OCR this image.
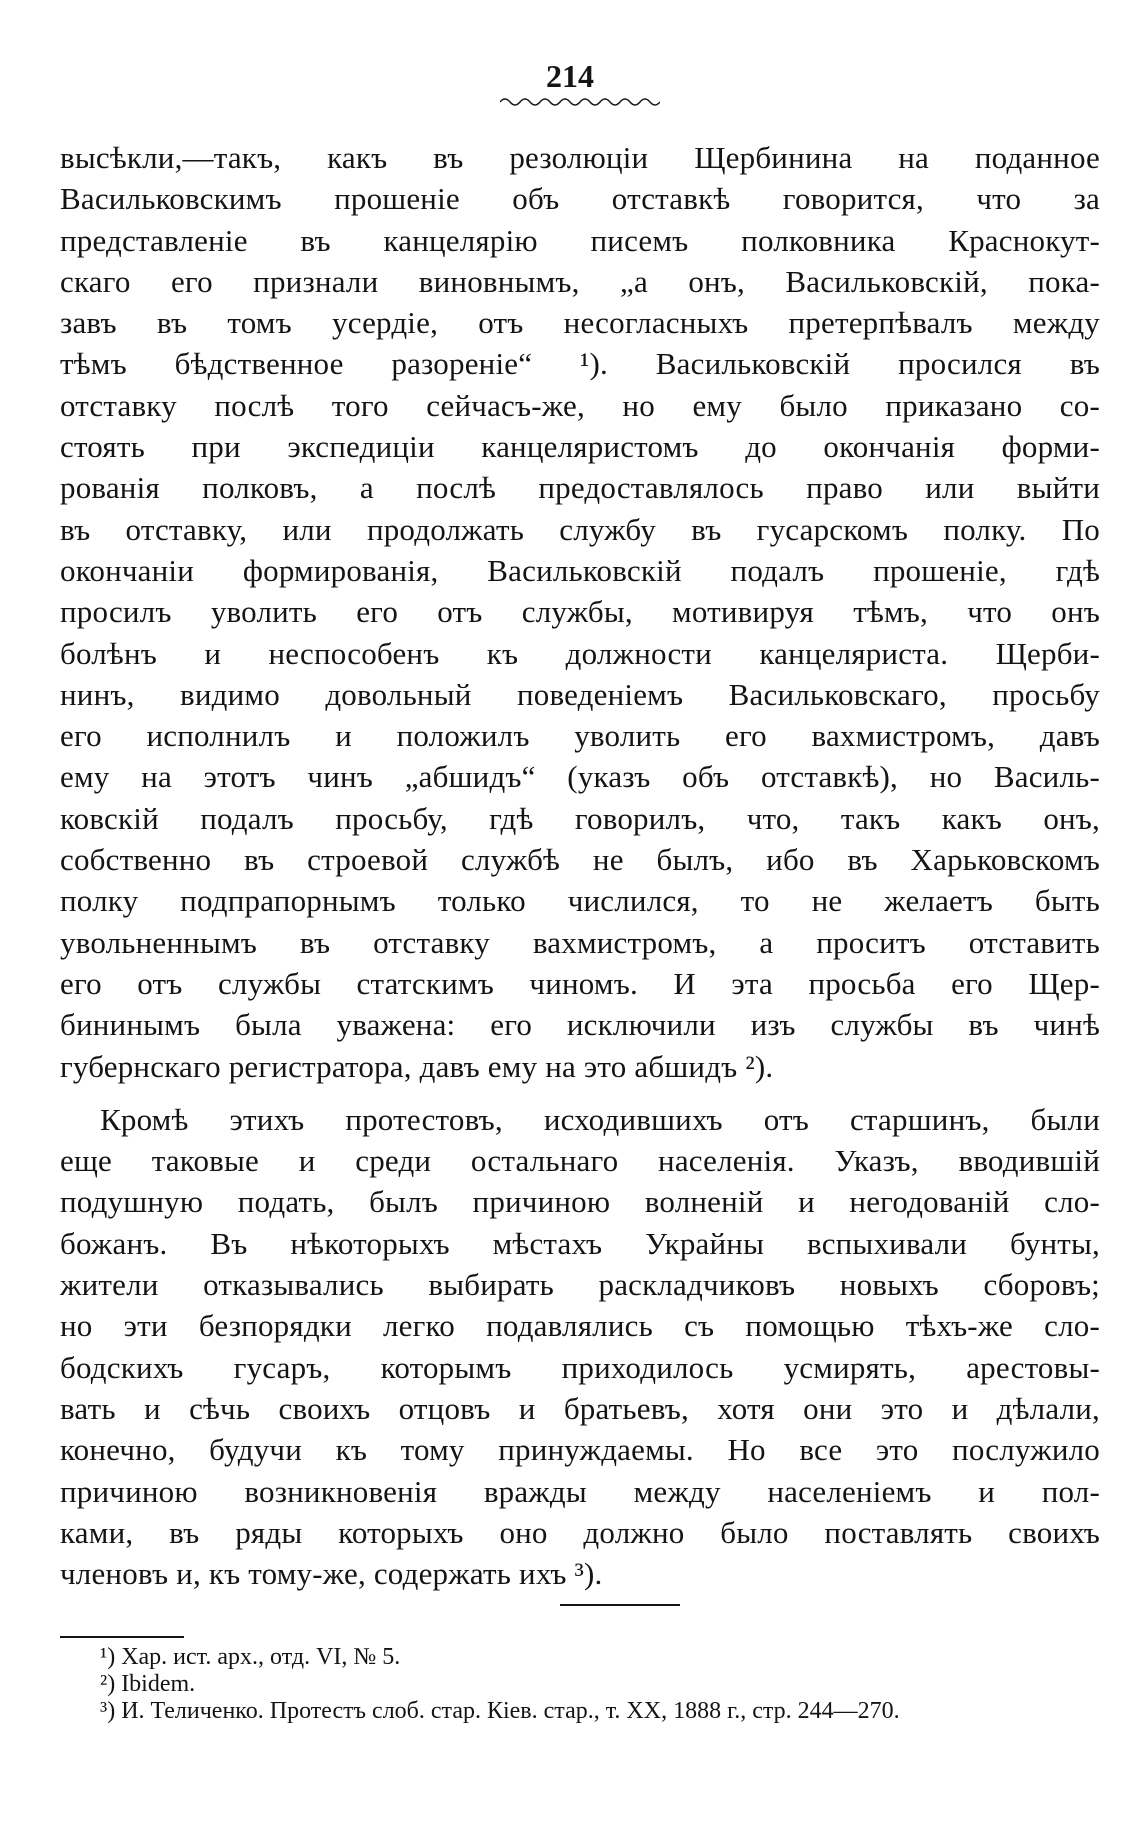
214
высѣкли,—такъ, какъ въ резолюціи Щербинина на поданное
Васильковскимъ прошеніе объ отставкѣ говорится, что за
представленіе въ канцелярію писемъ полковника Краснокут-
скаго его признали виновнымъ, „а онъ, Васильковскій, пока-
завъ въ томъ усердіе, отъ несогласныхъ претерпѣвалъ между
тѣмъ бѣдственное разореніе“ ¹). Васильковскій просился въ
отставку послѣ того сейчасъ-же, но ему было приказано со-
стоять при экспедиціи канцеляристомъ до окончанія форми-
рованія полковъ, а послѣ предоставлялось право или выйти
въ отставку, или продолжать службу въ гусарскомъ полку. По
окончаніи формированія, Васильковскій подалъ прошеніе, гдѣ
просилъ уволить его отъ службы, мотивируя тѣмъ, что онъ
болѣнъ и неспособенъ къ должности канцеляриста. Щерби-
нинъ, видимо довольный поведеніемъ Васильковскаго, просьбу
его исполнилъ и положилъ уволить его вахмистромъ, давъ
ему на этотъ чинъ „абшидъ“ (указъ объ отставкѣ), но Василь-
ковскій подалъ просьбу, гдѣ говорилъ, что, такъ какъ онъ,
собственно въ строевой службѣ не былъ, ибо въ Харьковскомъ
полку подпрапорнымъ только числился, то не желаетъ быть
увольненнымъ въ отставку вахмистромъ, а проситъ отставить
его отъ службы статскимъ чиномъ. И эта просьба его Щер-
бининымъ была уважена: его исключили изъ службы въ чинѣ
губернскаго регистратора, давъ ему на это абшидъ ²).
Кромѣ этихъ протестовъ, исходившихъ отъ старшинъ, были
еще таковые и среди остальнаго населенія. Указъ, вводившій
подушную подать, былъ причиною волненій и негодованій сло-
божанъ. Въ нѣкоторыхъ мѣстахъ Украйны вспыхивали бунты,
жители отказывались выбирать раскладчиковъ новыхъ сборовъ;
но эти безпорядки легко подавлялись съ помощью тѣхъ-же сло-
бодскихъ гусаръ, которымъ приходилось усмирять, арестовы-
вать и сѣчь своихъ отцовъ и братьевъ, хотя они это и дѣлали,
конечно, будучи къ тому принуждаемы. Но все это послужило
причиною возникновенія вражды между населеніемъ и пол-
ками, въ ряды которыхъ оно должно было поставлять своихъ
членовъ и, къ тому-же, содержать ихъ ³).
¹) Хар. ист. арх., отд. VI, № 5.
²) Ibidem.
³) И. Теличенко. Протестъ слоб. стар. Кіев. стар., т. XX, 1888 г., стр. 244—270.
